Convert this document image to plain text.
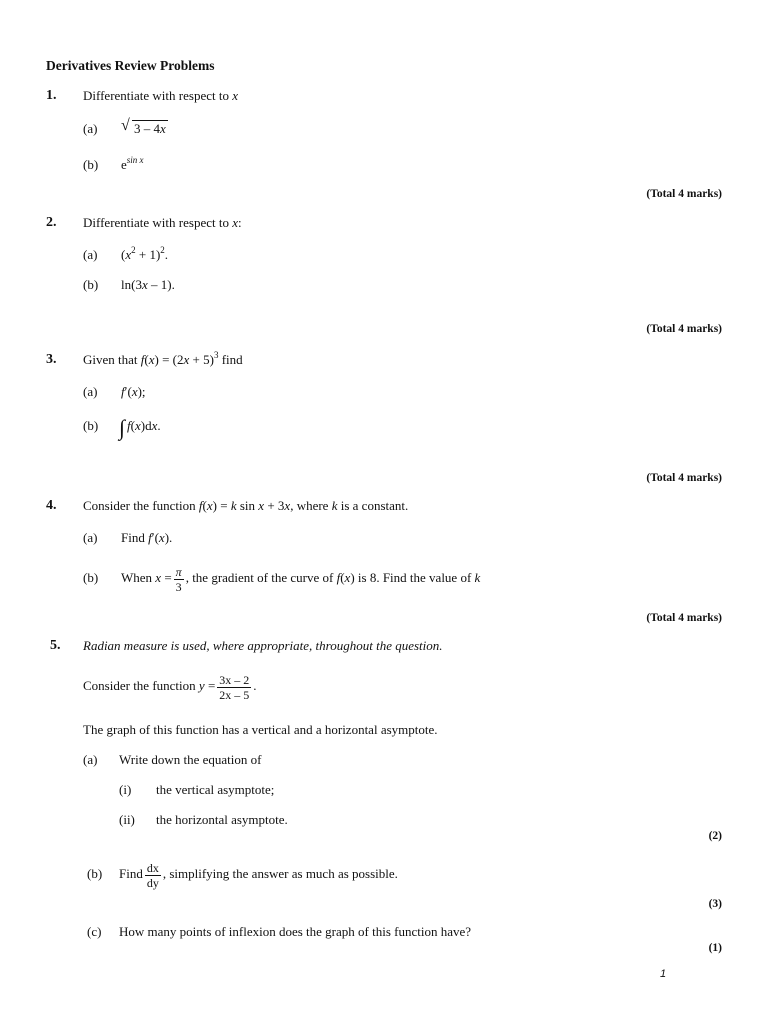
Derivatives Review Problems
1. Differentiate with respect to x
(a) √ 3 – 4x
(b) $e^{sin x}$
(Total 4 marks)
2. Differentiate with respect to x:
(a) $(x^2 + 1)^2$.
(b) ln(3x – 1).
(Total 4 marks)
3. Given that $f(x) = (2x + 5)^3$ find
(a) f′(x);
(b) ∫ f(x)dx.
(Total 4 marks)
4. Consider the function f(x) = k sin x + 3x, where k is a constant.
(a) Find f′(x).
(b) When $x = \frac{\pi}{3}$ , the gradient of the curve of f(x) is 8. Find the value of k
(Total 4 marks)
5. Radian measure is used, where appropriate, throughout the question.
Consider the function $y = \frac{3x - 2}{2x - 5}$ .
The graph of this function has a vertical and a horizontal asymptote.
(a) Write down the equation of
(i) the vertical asymptote;
(ii) the horizontal asymptote.
(2)
(b) Find $\frac{dx}{dy}$ , simplifying the answer as much as possible.
(3)
(c) How many points of inflexion does the graph of this function have?
(1)
1
